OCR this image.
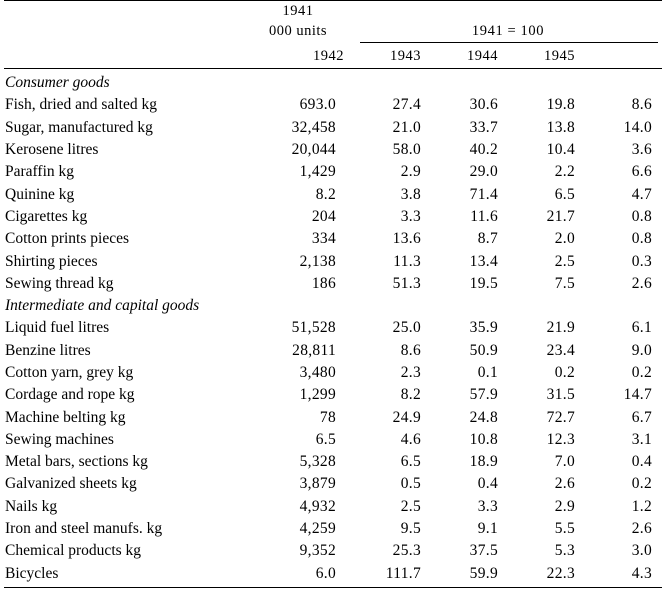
	1941
000 units	1941 = 100			

	1942	1943	1944	1945	

Consumer goods					
Fish, dried and salted kg	693.0	27.4	30.6	19.8	8.6
Sugar, manufactured kg	32,458	21.0	33.7	13.8	14.0
Kerosene litres	20,044	58.0	40.2	10.4	3.6
Paraffin kg	1,429	2.9	29.0	2.2	6.6
Quinine kg	8.2	3.8	71.4	6.5	4.7
Cigarettes kg	204	3.3	11.6	21.7	0.8
Cotton prints pieces	334	13.6	8.7	2.0	0.8
Shirting pieces	2,138	11.3	13.4	2.5	0.3
Sewing thread kg	186	51.3	19.5	7.5	2.6
Intermediate and capital goods					
Liquid fuel litres	51,528	25.0	35.9	21.9	6.1
Benzine litres	28,811	8.6	50.9	23.4	9.0
Cotton yarn, grey kg	3,480	2.3	0.1	0.2	0.2
Cordage and rope kg	1,299	8.2	57.9	31.5	14.7
Machine belting kg	78	24.9	24.8	72.7	6.7
Sewing machines	6.5	4.6	10.8	12.3	3.1
Metal bars, sections kg	5,328	6.5	18.9	7.0	0.4
Galvanized sheets kg	3,879	0.5	0.4	2.6	0.2
Nails kg	4,932	2.5	3.3	2.9	1.2
Iron and steel manufs. kg	4,259	9.5	9.1	5.5	2.6
Chemical products kg	9,352	25.3	37.5	5.3	3.0
Bicycles	6.0	111.7	59.9	22.3	4.3
